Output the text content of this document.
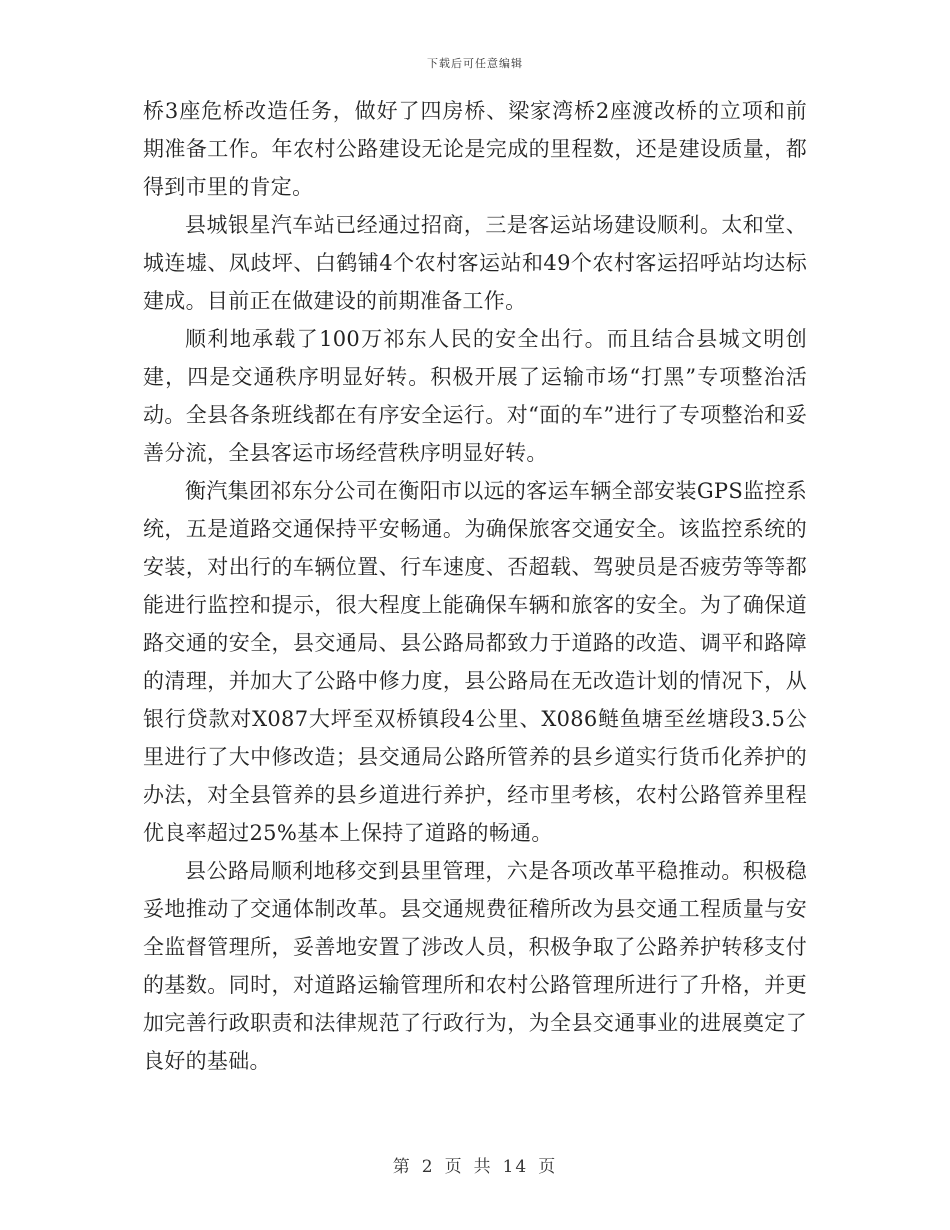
下载后可任意编辑

桥3座危桥改造任务，做好了四房桥、梁家湾桥2座渡改桥的立项和前期准备工作。年农村公路建设无论是完成的里程数，还是建设质量，都得到市里的肯定。

县城银星汽车站已经通过招商，三是客运站场建设顺利。太和堂、城连墟、凤歧坪、白鹤铺4个农村客运站和49个农村客运招呼站均达标建成。目前正在做建设的前期准备工作。

顺利地承载了100万祁东人民的安全出行。而且结合县城文明创建，四是交通秩序明显好转。积极开展了运输市场“打黑”专项整治活动。全县各条班线都在有序安全运行。对“面的车”进行了专项整治和妥善分流，全县客运市场经营秩序明显好转。

衡汽集团祁东分公司在衡阳市以远的客运车辆全部安装GPS监控系统，五是道路交通保持平安畅通。为确保旅客交通安全。该监控系统的安装，对出行的车辆位置、行车速度、否超载、驾驶员是否疲劳等等都能进行监控和提示，很大程度上能确保车辆和旅客的安全。为了确保道路交通的安全，县交通局、县公路局都致力于道路的改造、调平和路障的清理，并加大了公路中修力度，县公路局在无改造计划的情况下，从银行贷款对X087大坪至双桥镇段4公里、X086鲢鱼塘至丝塘段3.5公里进行了大中修改造；县交通局公路所管养的县乡道实行货币化养护的办法，对全县管养的县乡道进行养护，经市里考核，农村公路管养里程优良率超过25%基本上保持了道路的畅通。

县公路局顺利地移交到县里管理，六是各项改革平稳推动。积极稳妥地推动了交通体制改革。县交通规费征稽所改为县交通工程质量与安全监督管理所，妥善地安置了涉改人员，积极争取了公路养护转移支付的基数。同时，对道路运输管理所和农村公路管理所进行了升格，并更加完善行政职责和法律规范了行政行为，为全县交通事业的进展奠定了良好的基础。

第 2 页 共 14 页
